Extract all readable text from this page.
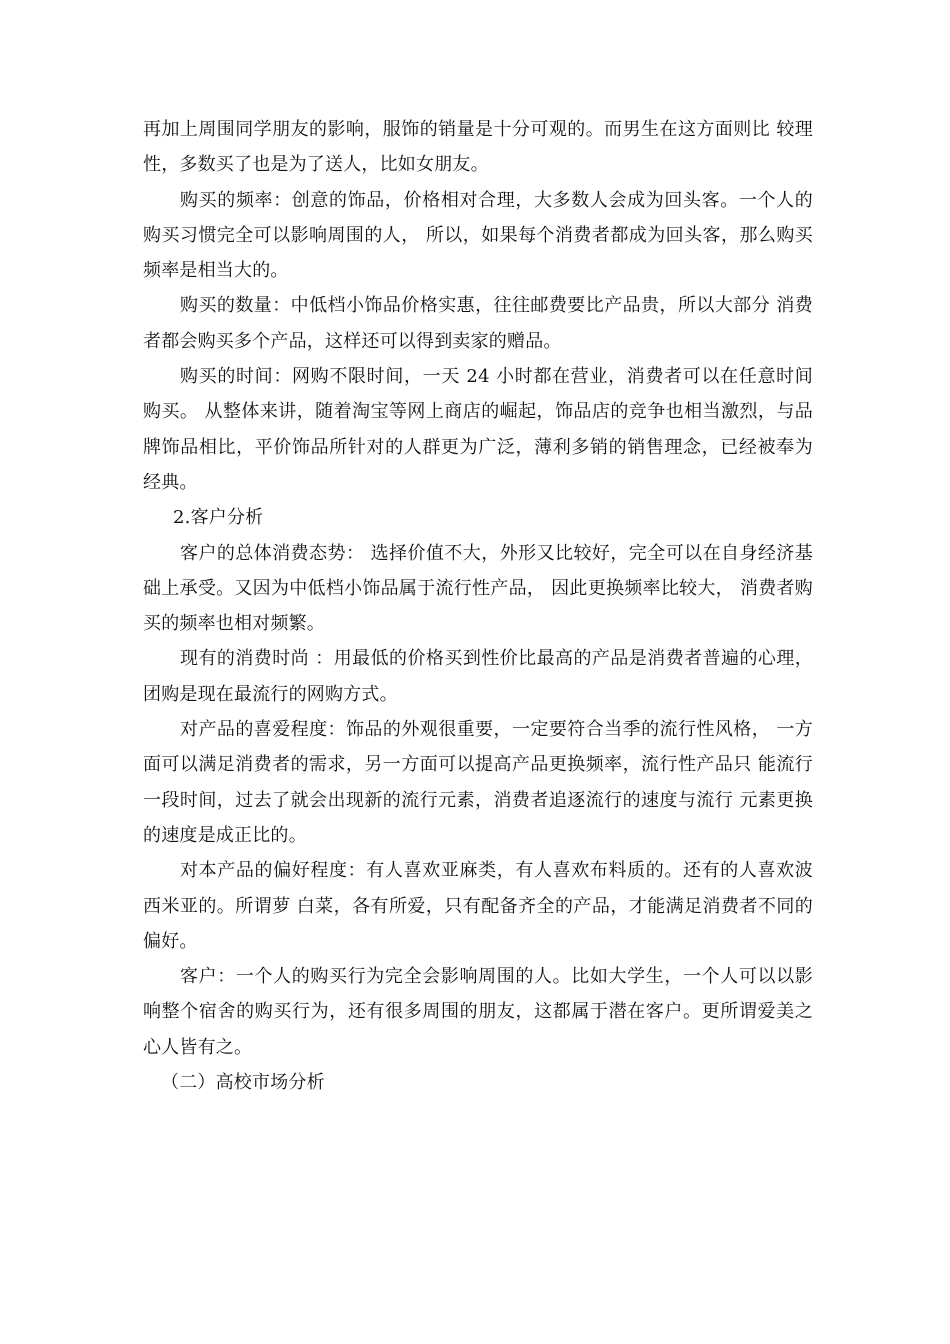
再加上周围同学朋友的影响，服饰的销量是十分可观的。而男生在这方面则比 较理性，多数买了也是为了送人，比如女朋友。

购买的频率：创意的饰品，价格相对合理，大多数人会成为回头客。一个人的购买习惯完全可以影响周围的人， 所以，如果每个消费者都成为回头客，那么购买频率是相当大的。

购买的数量：中低档小饰品价格实惠，往往邮费要比产品贵，所以大部分 消费者都会购买多个产品，这样还可以得到卖家的赠品。

购买的时间：网购不限时间，一天 24 小时都在营业，消费者可以在任意时间购买。 从整体来讲，随着淘宝等网上商店的崛起，饰品店的竞争也相当激烈，与品牌饰品相比，平价饰品所针对的人群更为广泛，薄利多销的销售理念，已经被奉为经典。

2.客户分析

客户的总体消费态势： 选择价值不大，外形又比较好，完全可以在自身经济基础上承受。又因为中低档小饰品属于流行性产品， 因此更换频率比较大， 消费者购买的频率也相对频繁。

现有的消费时尚 ：用最低的价格买到性价比最高的产品是消费者普遍的心理，团购是现在最流行的网购方式。

对产品的喜爱程度：饰品的外观很重要，一定要符合当季的流行性风格， 一方面可以满足消费者的需求，另一方面可以提高产品更换频率，流行性产品只 能流行一段时间，过去了就会出现新的流行元素，消费者追逐流行的速度与流行 元素更换的速度是成正比的。

对本产品的偏好程度：有人喜欢亚麻类，有人喜欢布料质的。还有的人喜欢波西米亚的。所谓萝 白菜，各有所爱，只有配备齐全的产品，才能满足消费者不同的偏好。

客户：一个人的购买行为完全会影响周围的人。比如大学生，一个人可以以影响整个宿舍的购买行为，还有很多周围的朋友，这都属于潜在客户。更所谓爱美之心人皆有之。

（二）高校市场分析
